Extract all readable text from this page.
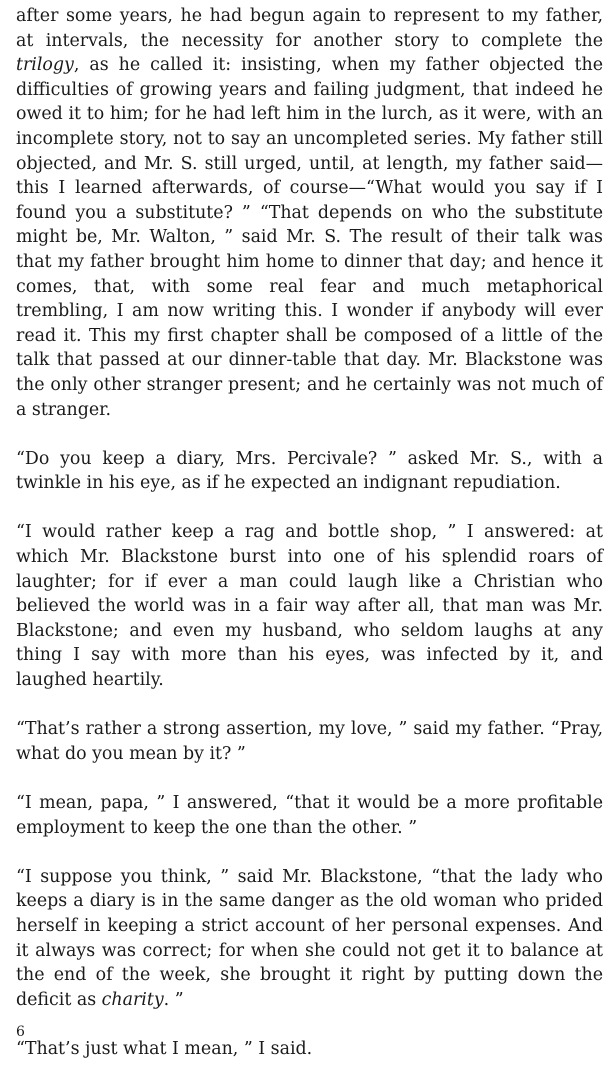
after some years, he had begun again to represent to my father, at intervals, the necessity for another story to complete the trilogy, as he called it: insisting, when my father objected the difficulties of growing years and failing judgment, that indeed he owed it to him; for he had left him in the lurch, as it were, with an incomplete story, not to say an uncompleted series. My father still objected, and Mr. S. still urged, until, at length, my father said—this I learned afterwards, of course—“What would you say if I found you a substitute? ” “That depends on who the substitute might be, Mr. Walton, ” said Mr. S. The result of their talk was that my father brought him home to dinner that day; and hence it comes, that, with some real fear and much metaphorical trembling, I am now writing this. I wonder if anybody will ever read it. This my first chapter shall be composed of a little of the talk that passed at our dinner-table that day. Mr. Blackstone was the only other stranger present; and he certainly was not much of a stranger.

“Do you keep a diary, Mrs. Percivale? ” asked Mr. S., with a twinkle in his eye, as if he expected an indignant repudiation.

“I would rather keep a rag and bottle shop, ” I answered: at which Mr. Blackstone burst into one of his splendid roars of laughter; for if ever a man could laugh like a Christian who believed the world was in a fair way after all, that man was Mr. Blackstone; and even my husband, who seldom laughs at any thing I say with more than his eyes, was infected by it, and laughed heartily.

“That’s rather a strong assertion, my love, ” said my father. “Pray, what do you mean by it? ”

“I mean, papa, ” I answered, “that it would be a more profitable employment to keep the one than the other. ”

“I suppose you think, ” said Mr. Blackstone, “that the lady who keeps a diary is in the same danger as the old woman who prided herself in keeping a strict account of her personal expenses. And it always was correct; for when she could not get it to balance at the end of the week, she brought it right by putting down the deficit as charity. ”

“That’s just what I mean, ” I said.

6
